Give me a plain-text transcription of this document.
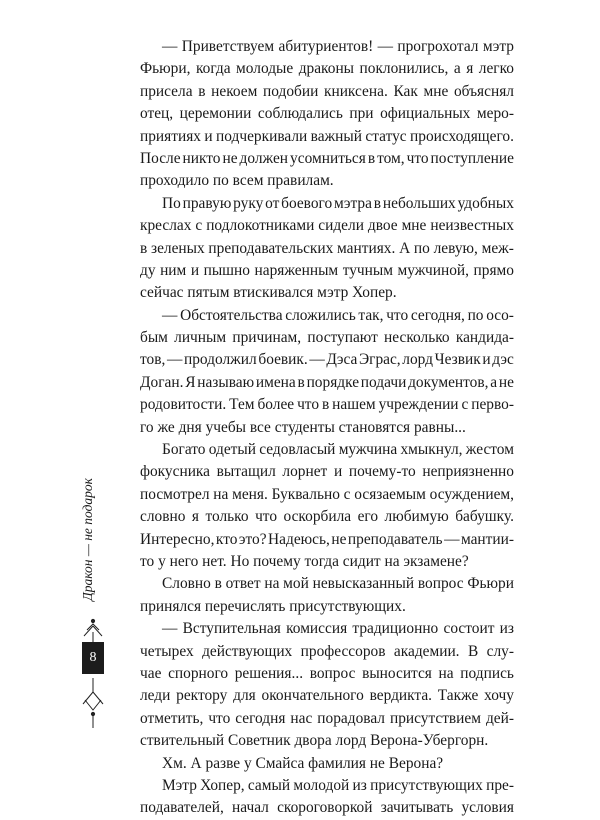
— Приветствуем абитуриентов! — прогрохотал мэтр
Фьюри, когда молодые драконы поклонились, а я легко
присела в некоем подобии книксена. Как мне объяснял
отец, церемонии соблюдались при официальных меро-
приятиях и подчеркивали важный статус происходящего.
После никто не должен усомниться в том, что поступление
проходило по всем правилам.
По правую руку от боевого мэтра в небольших удобных
креслах с подлокотниками сидели двое мне неизвестных
в зеленых преподавательских мантиях. А по левую, меж-
ду ним и пышно наряженным тучным мужчиной, прямо
сейчас пятым втискивался мэтр Хопер.
— Обстоятельства сложились так, что сегодня, по осо-
бым личным причинам, поступают несколько кандида-
тов, — продолжил боевик. — Дэса Эграс, лорд Чезвик и дэс
Доган. Я называю имена в порядке подачи документов, а не
родовитости. Тем более что в нашем учреждении с перво-
го же дня учебы все студенты становятся равны...
Богато одетый седовласый мужчина хмыкнул, жестом
фокусника вытащил лорнет и почему-то неприязненно
посмотрел на меня. Буквально с осязаемым осуждением,
словно я только что оскорбила его любимую бабушку.
Интересно, кто это? Надеюсь, не преподаватель — мантии-
то у него нет. Но почему тогда сидит на экзамене?
Словно в ответ на мой невысказанный вопрос Фьюри
принялся перечислять присутствующих.
— Вступительная комиссия традиционно состоит из
четырех действующих профессоров академии. В слу-
чае спорного решения... вопрос выносится на подпись
леди ректору для окончательного вердикта. Также хочу
отметить, что сегодня нас порадовал присутствием дей-
ствительный Советник двора лорд Верона-Убергорн.
Хм. А разве у Смайса фамилия не Верона?
Мэтр Хопер, самый молодой из присутствующих пре-
подавателей, начал скороговоркой зачитывать условия
Дракон — не подарок
8
